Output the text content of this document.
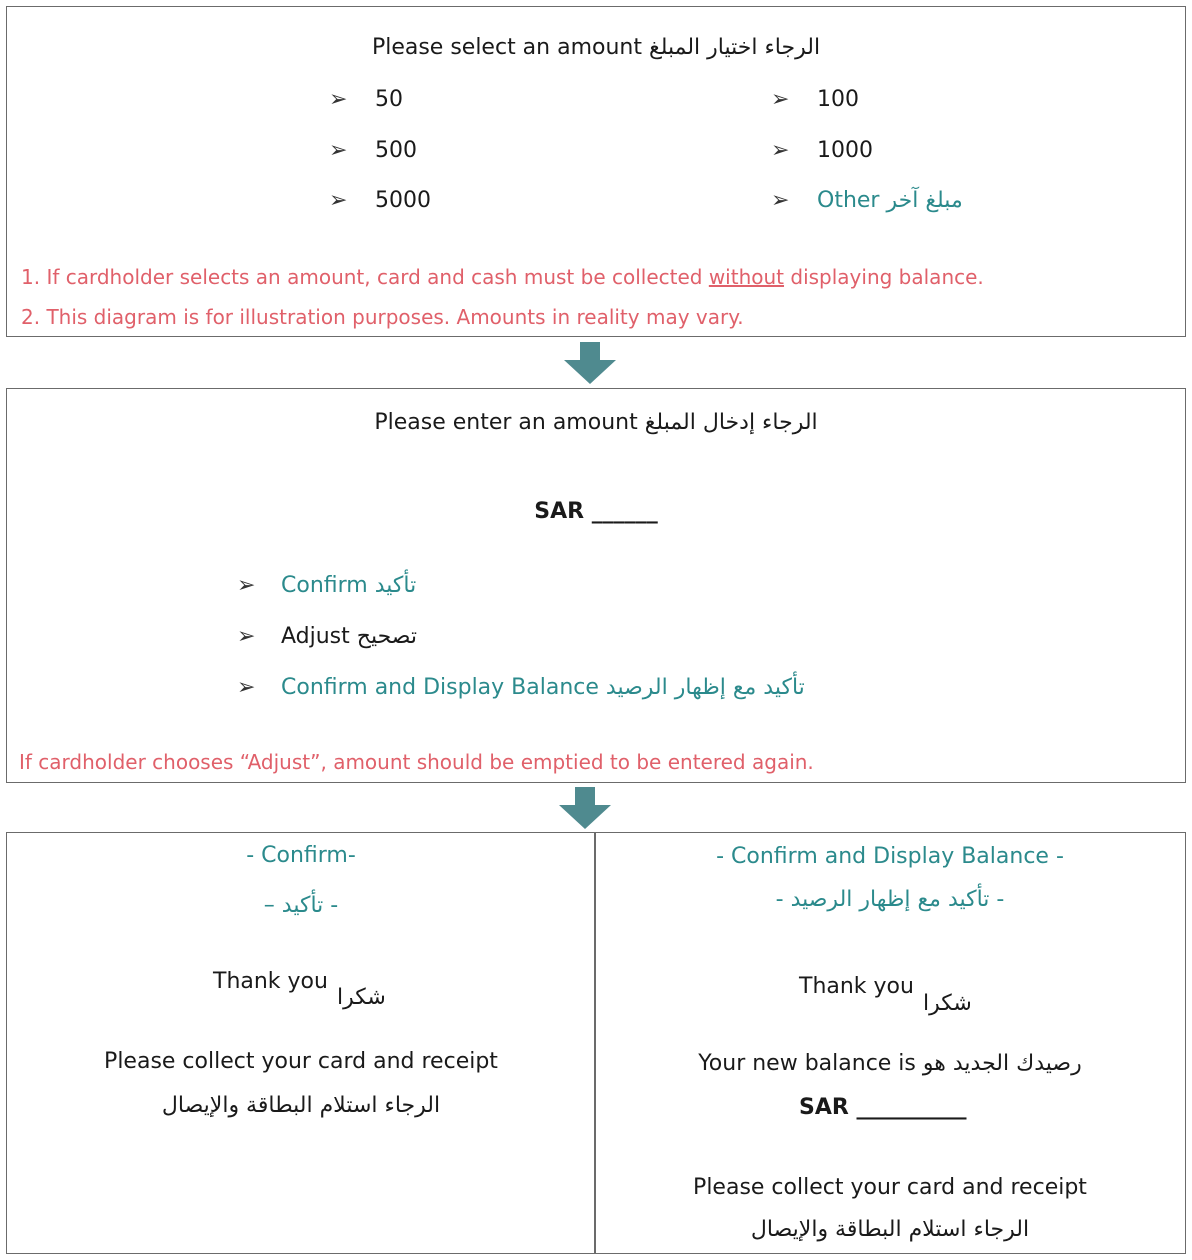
Please select an amount الرجاء اختيار المبلغ
➢ 50	➢ 100
➢ 500	➢ 1000
➢ 5000	➢ Other مبلغ آخر
1. If cardholder selects an amount, card and cash must be collected without displaying balance.
2. This diagram is for illustration purposes. Amounts in reality may vary.
Please enter an amount الرجاء إدخال المبلغ
SAR ______
➢ Confirm تأكيد
➢ Adjust تصحيح
➢ Confirm and Display Balance تأكيد مع إظهار الرصيد
If cardholder chooses “Adjust”, amount should be emptied to be entered again.
- Confirm-
– تأكيد -
Thank you
شكرا
Please collect your card and receipt
الرجاء استلام البطاقة والإيصال
- Confirm and Display Balance -
- تأكيد مع إظهار الرصيد -
Thank you
شكرا
Your new balance is رصيدك الجديد هو
SAR __________
Please collect your card and receipt
الرجاء استلام البطاقة والإيصال
